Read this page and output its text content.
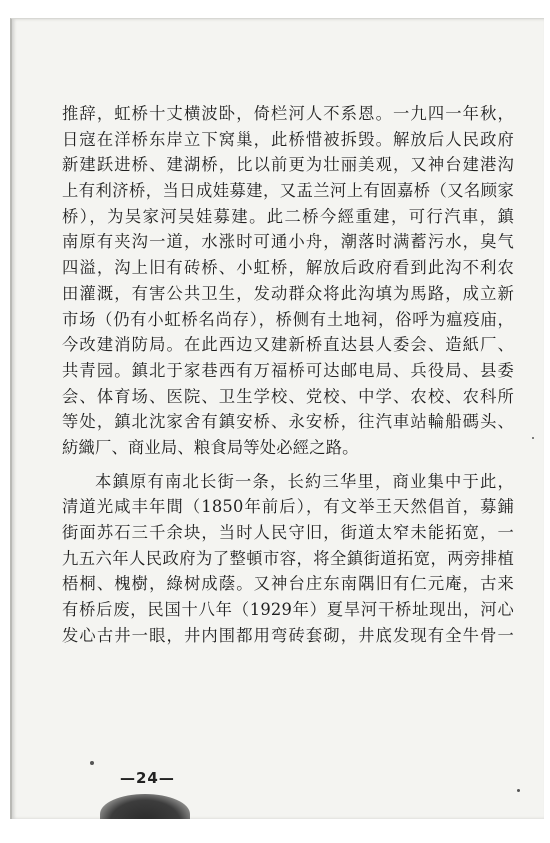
推辞，虹桥十丈横波卧，倚栏河人不系恩。一九四一年秋，
日寇在洋桥东岸立下窝巢，此桥惜被拆毁。解放后人民政府
新建跃进桥、建湖桥，比以前更为壮丽美观，又神台建港沟
上有利济桥，当日成娃募建，又盂兰河上有固嘉桥（又名顾家
桥），为吴家河吴娃募建。此二桥今經重建，可行汽車，鎮
南原有夹沟一道，水涨时可通小舟，潮落时满蓄污水，臭气
四溢，沟上旧有砖桥、小虹桥，解放后政府看到此沟不利农
田灌溉，有害公共卫生，发动群众将此沟填为馬路，成立新
市场（仍有小虹桥名尚存），桥侧有土地祠，俗呼为瘟疫庙，
今改建消防局。在此西边又建新桥直达县人委会、造紙厂、
共青园。鎮北于家巷西有万福桥可达邮电局、兵役局、县委
会、体育场、医院、卫生学校、党校、中学、农校、农科所
等处，鎮北沈家舍有鎮安桥、永安桥，往汽車站輪船碼头、
紡織厂、商业局、粮食局等处必經之路。
本鎮原有南北长街一条，长約三华里，商业集中于此，
清道光咸丰年間（1850年前后），有文举王天然倡首，募鋪
街面苏石三千余块，当时人民守旧，街道太窄未能拓宽，一
九五六年人民政府为了整頓市容，将全鎮街道拓宽，两旁排植
梧桐、槐樹，綠树成蔭。又神台庄东南隅旧有仁元庵，古来
有桥后废，民国十八年（1929年）夏旱河干桥址现出，河心
发心古井一眼，井内围都用弯砖套砌，井底发现有全牛骨一
—24—
